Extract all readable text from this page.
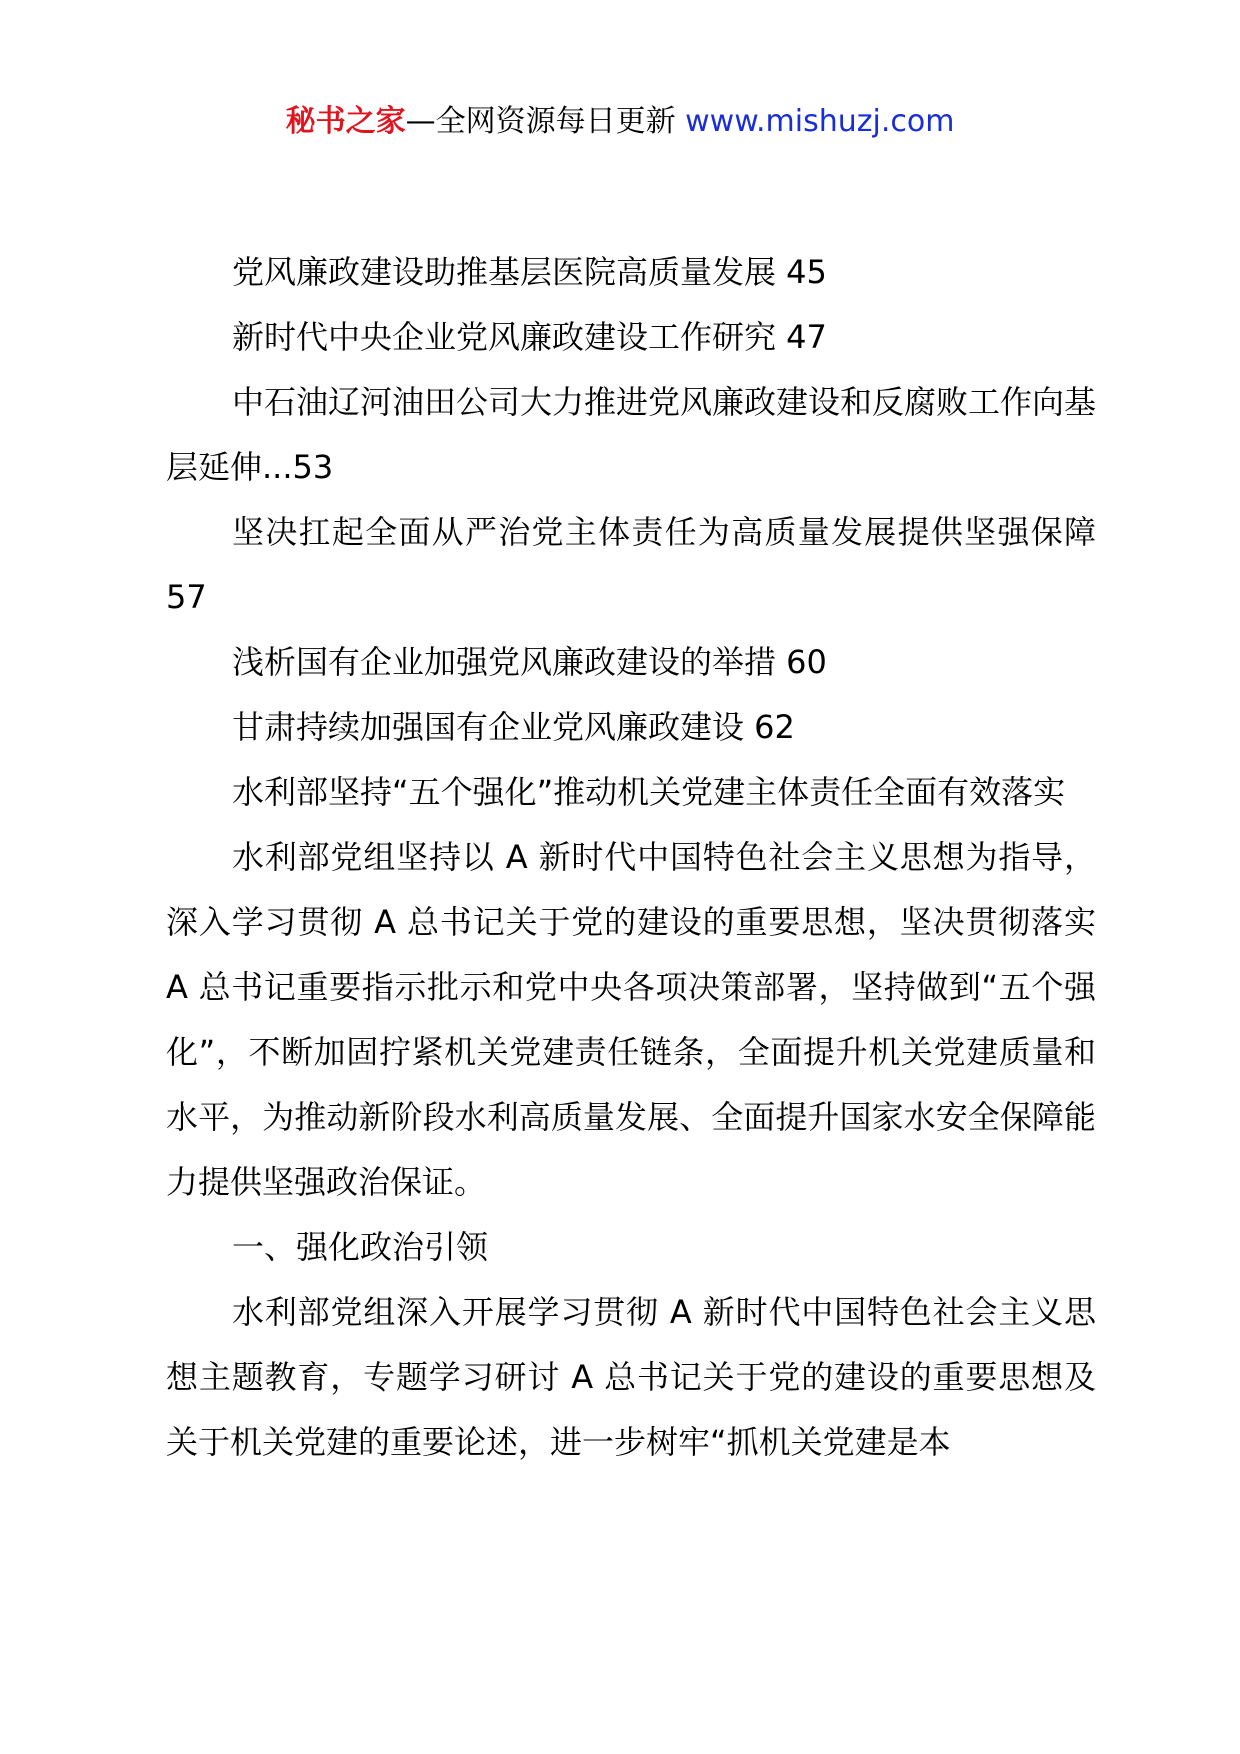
秘书之家—全网资源每日更新 www.mishuzj.com

党风廉政建设助推基层医院高质量发展 45

新时代中央企业党风廉政建设工作研究 47

中石油辽河油田公司大力推进党风廉政建设和反腐败工作向基层延伸...53

坚决扛起全面从严治党主体责任为高质量发展提供坚强保障 57

浅析国有企业加强党风廉政建设的举措 60

甘肃持续加强国有企业党风廉政建设 62

水利部坚持“五个强化”推动机关党建主体责任全面有效落实

水利部党组坚持以 A 新时代中国特色社会主义思想为指导，深入学习贯彻 A 总书记关于党的建设的重要思想，坚决贯彻落实 A 总书记重要指示批示和党中央各项决策部署，坚持做到“五个强化”，不断加固拧紧机关党建责任链条，全面提升机关党建质量和水平，为推动新阶段水利高质量发展、全面提升国家水安全保障能力提供坚强政治保证。

一、强化政治引领

水利部党组深入开展学习贯彻 A 新时代中国特色社会主义思想主题教育，专题学习研讨 A 总书记关于党的建设的重要思想及关于机关党建的重要论述，进一步树牢“抓机关党建是本
